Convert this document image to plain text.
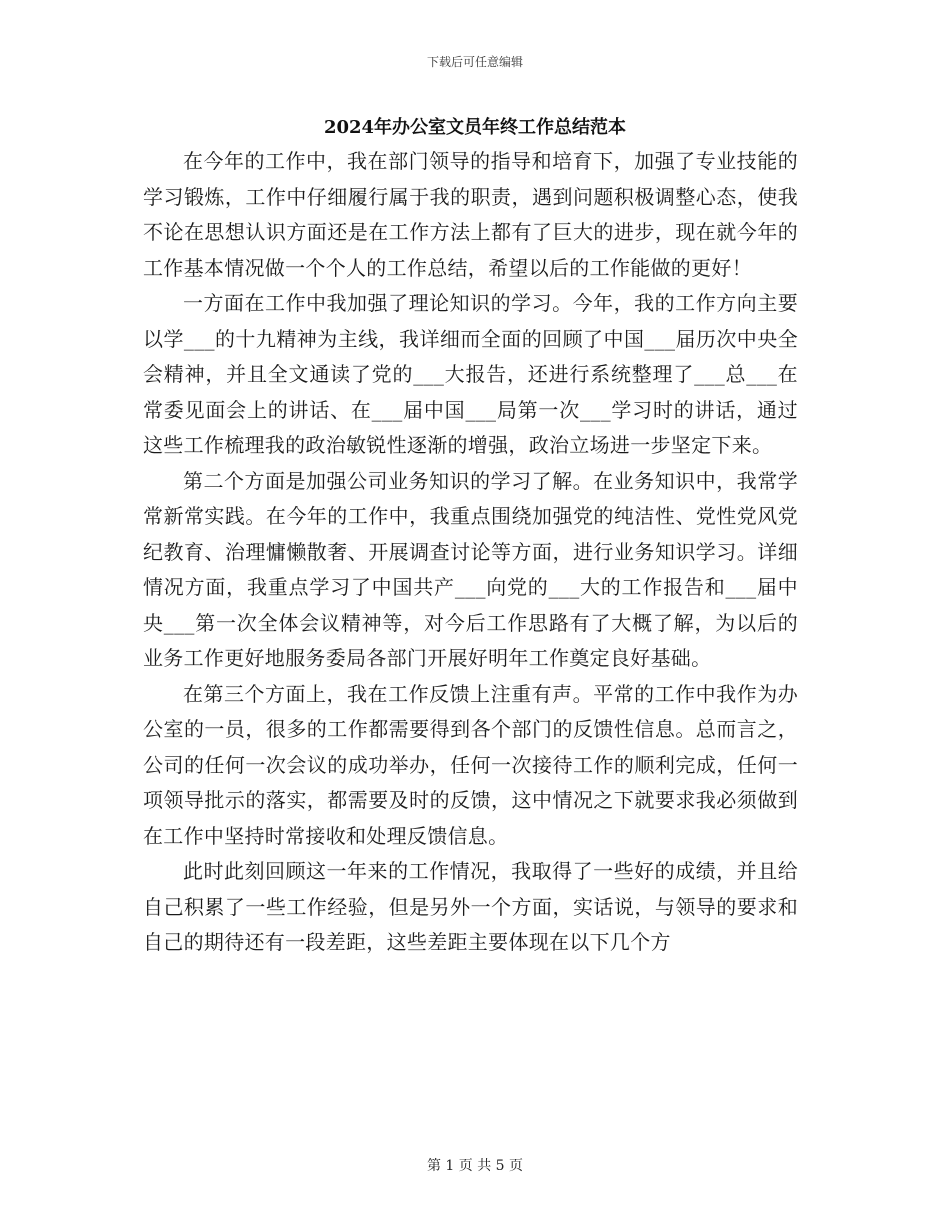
下载后可任意编辑
2024年办公室文员年终工作总结范本

在今年的工作中，我在部门领导的指导和培育下，加强了专业技能的学习锻炼，工作中仔细履行属于我的职责，遇到问题积极调整心态，使我不论在思想认识方面还是在工作方法上都有了巨大的进步，现在就今年的工作基本情况做一个个人的工作总结，希望以后的工作能做的更好！

一方面在工作中我加强了理论知识的学习。今年，我的工作方向主要以学___的十九精神为主线，我详细而全面的回顾了中国___届历次中央全会精神，并且全文通读了党的___大报告，还进行系统整理了___总___在常委见面会上的讲话、在___届中国___局第一次___学习时的讲话，通过这些工作梳理我的政治敏锐性逐渐的增强，政治立场进一步坚定下来。

第二个方面是加强公司业务知识的学习了解。在业务知识中，我常学常新常实践。在今年的工作中，我重点围绕加强党的纯洁性、党性党风党纪教育、治理慵懒散奢、开展调查讨论等方面，进行业务知识学习。详细情况方面，我重点学习了中国共产___向党的___大的工作报告和___届中央___第一次全体会议精神等，对今后工作思路有了大概了解，为以后的业务工作更好地服务委局各部门开展好明年工作奠定良好基础。

在第三个方面上，我在工作反馈上注重有声。平常的工作中我作为办公室的一员，很多的工作都需要得到各个部门的反馈性信息。总而言之，公司的任何一次会议的成功举办，任何一次接待工作的顺利完成，任何一项领导批示的落实，都需要及时的反馈，这中情况之下就要求我必须做到在工作中坚持时常接收和处理反馈信息。

此时此刻回顾这一年来的工作情况，我取得了一些好的成绩，并且给自己积累了一些工作经验，但是另外一个方面，实话说，与领导的要求和自己的期待还有一段差距，这些差距主要体现在以下几个方

第 1 页 共 5 页
